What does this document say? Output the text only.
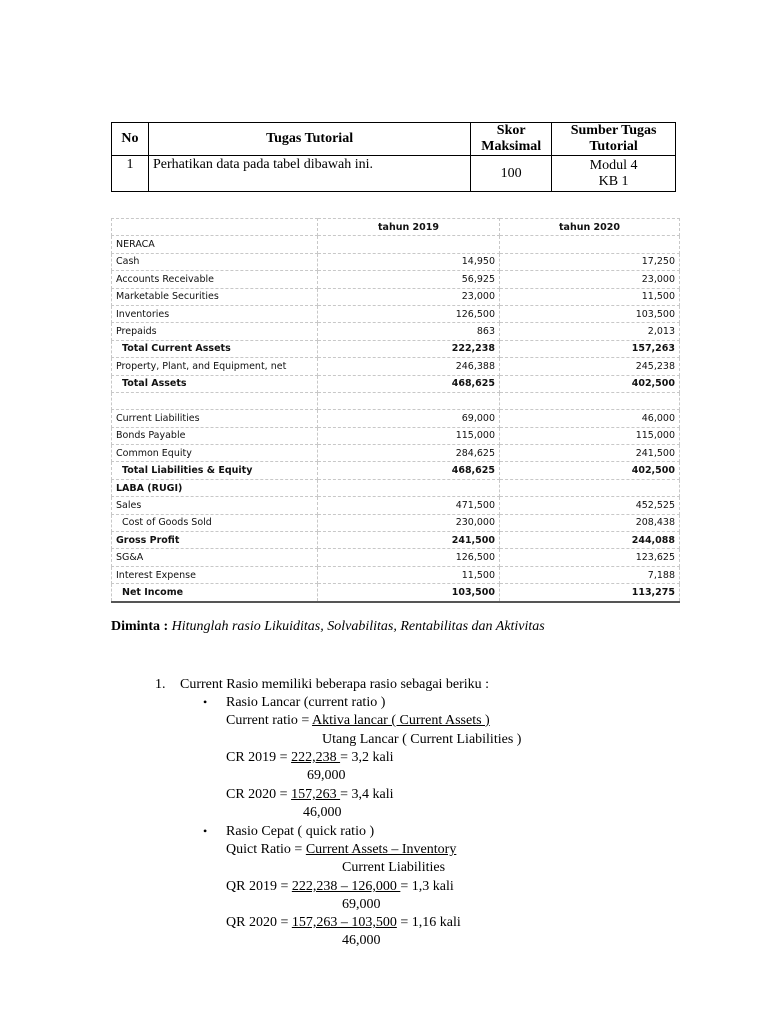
No	Tugas Tutorial	Skor Maksimal	Sumber Tugas Tutorial
1	Perhatikan data pada tabel dibawah ini.	100	Modul 4
KB 1
	tahun 2019	tahun 2020
NERACA		
Cash	14,950	17,250
Accounts Receivable	56,925	23,000
Marketable Securities	23,000	11,500
Inventories	126,500	103,500
Prepaids	863	2,013
Total Current Assets	222,238	157,263
Property, Plant, and Equipment, net	246,388	245,238
Total Assets	468,625	402,500

Current Liabilities	69,000	46,000
Bonds Payable	115,000	115,000
Common Equity	284,625	241,500
Total Liabilities & Equity	468,625	402,500
LABA (RUGI)		
Sales	471,500	452,525
Cost of Goods Sold	230,000	208,438
Gross Profit	241,500	244,088
SG&A	126,500	123,625
Interest Expense	11,500	7,188
Net Income	103,500	113,275
Diminta : Hitunglah rasio Likuiditas, Solvabilitas, Rentabilitas dan Aktivitas
1. Current Rasio memiliki beberapa rasio sebagai beriku :
• Rasio Lancar (current ratio )
Current ratio = Aktiva lancar ( Current Assets )
Utang Lancar ( Current Liabilities )
CR 2019 = 222,238 = 3,2 kali
69,000
CR 2020 = 157,263 = 3,4 kali
46,000
• Rasio Cepat ( quick ratio )
Quict Ratio = Current Assets – Inventory
Current Liabilities
QR 2019 = 222,238 – 126,000 = 1,3 kali
69,000
QR 2020 = 157,263 – 103,500 = 1,16 kali
46,000
